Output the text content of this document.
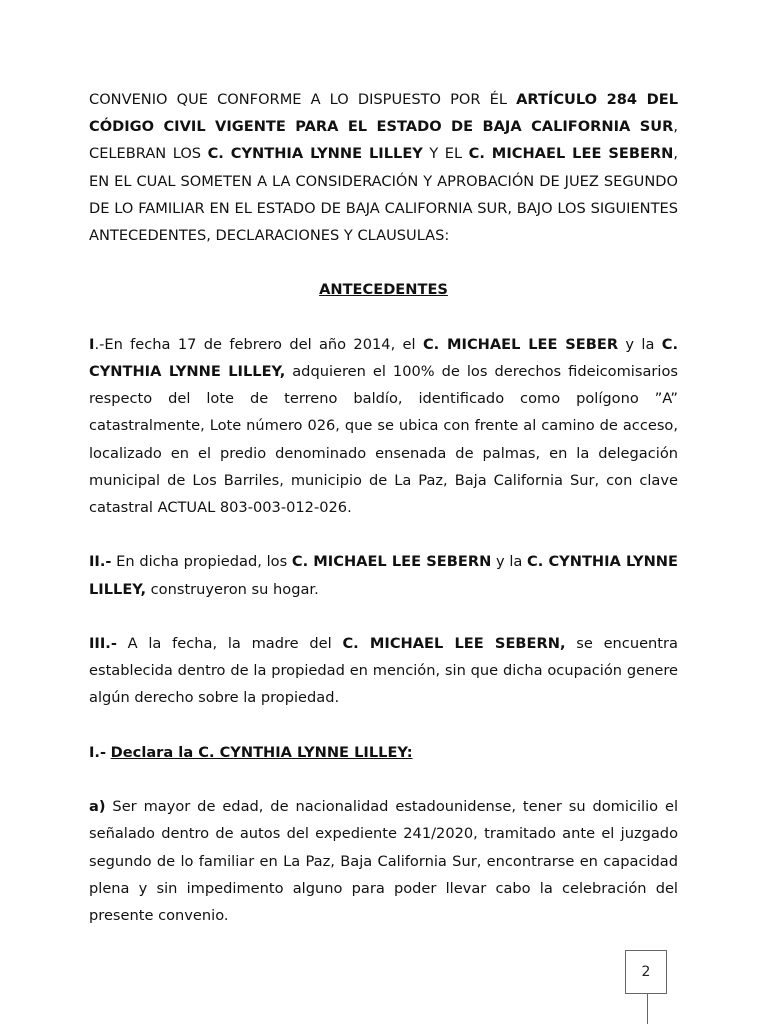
CONVENIO QUE CONFORME A LO DISPUESTO POR ÉL ARTÍCULO 284 DEL CÓDIGO CIVIL VIGENTE PARA EL ESTADO DE BAJA CALIFORNIA SUR, CELEBRAN LOS C. CYNTHIA LYNNE LILLEY Y EL C. MICHAEL LEE SEBERN, EN EL CUAL SOMETEN A LA CONSIDERACIÓN Y APROBACIÓN DE JUEZ SEGUNDO DE LO FAMILIAR EN EL ESTADO DE BAJA CALIFORNIA SUR, BAJO LOS SIGUIENTES ANTECEDENTES, DECLARACIONES Y CLAUSULAS:

ANTECEDENTES

I.-En fecha 17 de febrero del año 2014, el C. MICHAEL LEE SEBER y la C. CYNTHIA LYNNE LILLEY, adquieren el 100% de los derechos fideicomisarios respecto del lote de terreno baldío, identificado como polígono ”A” catastralmente, Lote número 026, que se ubica con frente al camino de acceso, localizado en el predio denominado ensenada de palmas, en la delegación municipal de Los Barriles, municipio de La Paz, Baja California Sur, con clave catastral ACTUAL 803-003-012-026.

II.- En dicha propiedad, los C. MICHAEL LEE SEBERN y la C. CYNTHIA LYNNE LILLEY, construyeron su hogar.

III.- A la fecha, la madre del C. MICHAEL LEE SEBERN, se encuentra establecida dentro de la propiedad en mención, sin que dicha ocupación genere algún derecho sobre la propiedad.

I.- Declara la C. CYNTHIA LYNNE LILLEY:

a) Ser mayor de edad, de nacionalidad estadounidense, tener su domicilio el señalado dentro de autos del expediente 241/2020, tramitado ante el juzgado segundo de lo familiar en La Paz, Baja California Sur, encontrarse en capacidad plena y sin impedimento alguno para poder llevar cabo la celebración del presente convenio.

2
